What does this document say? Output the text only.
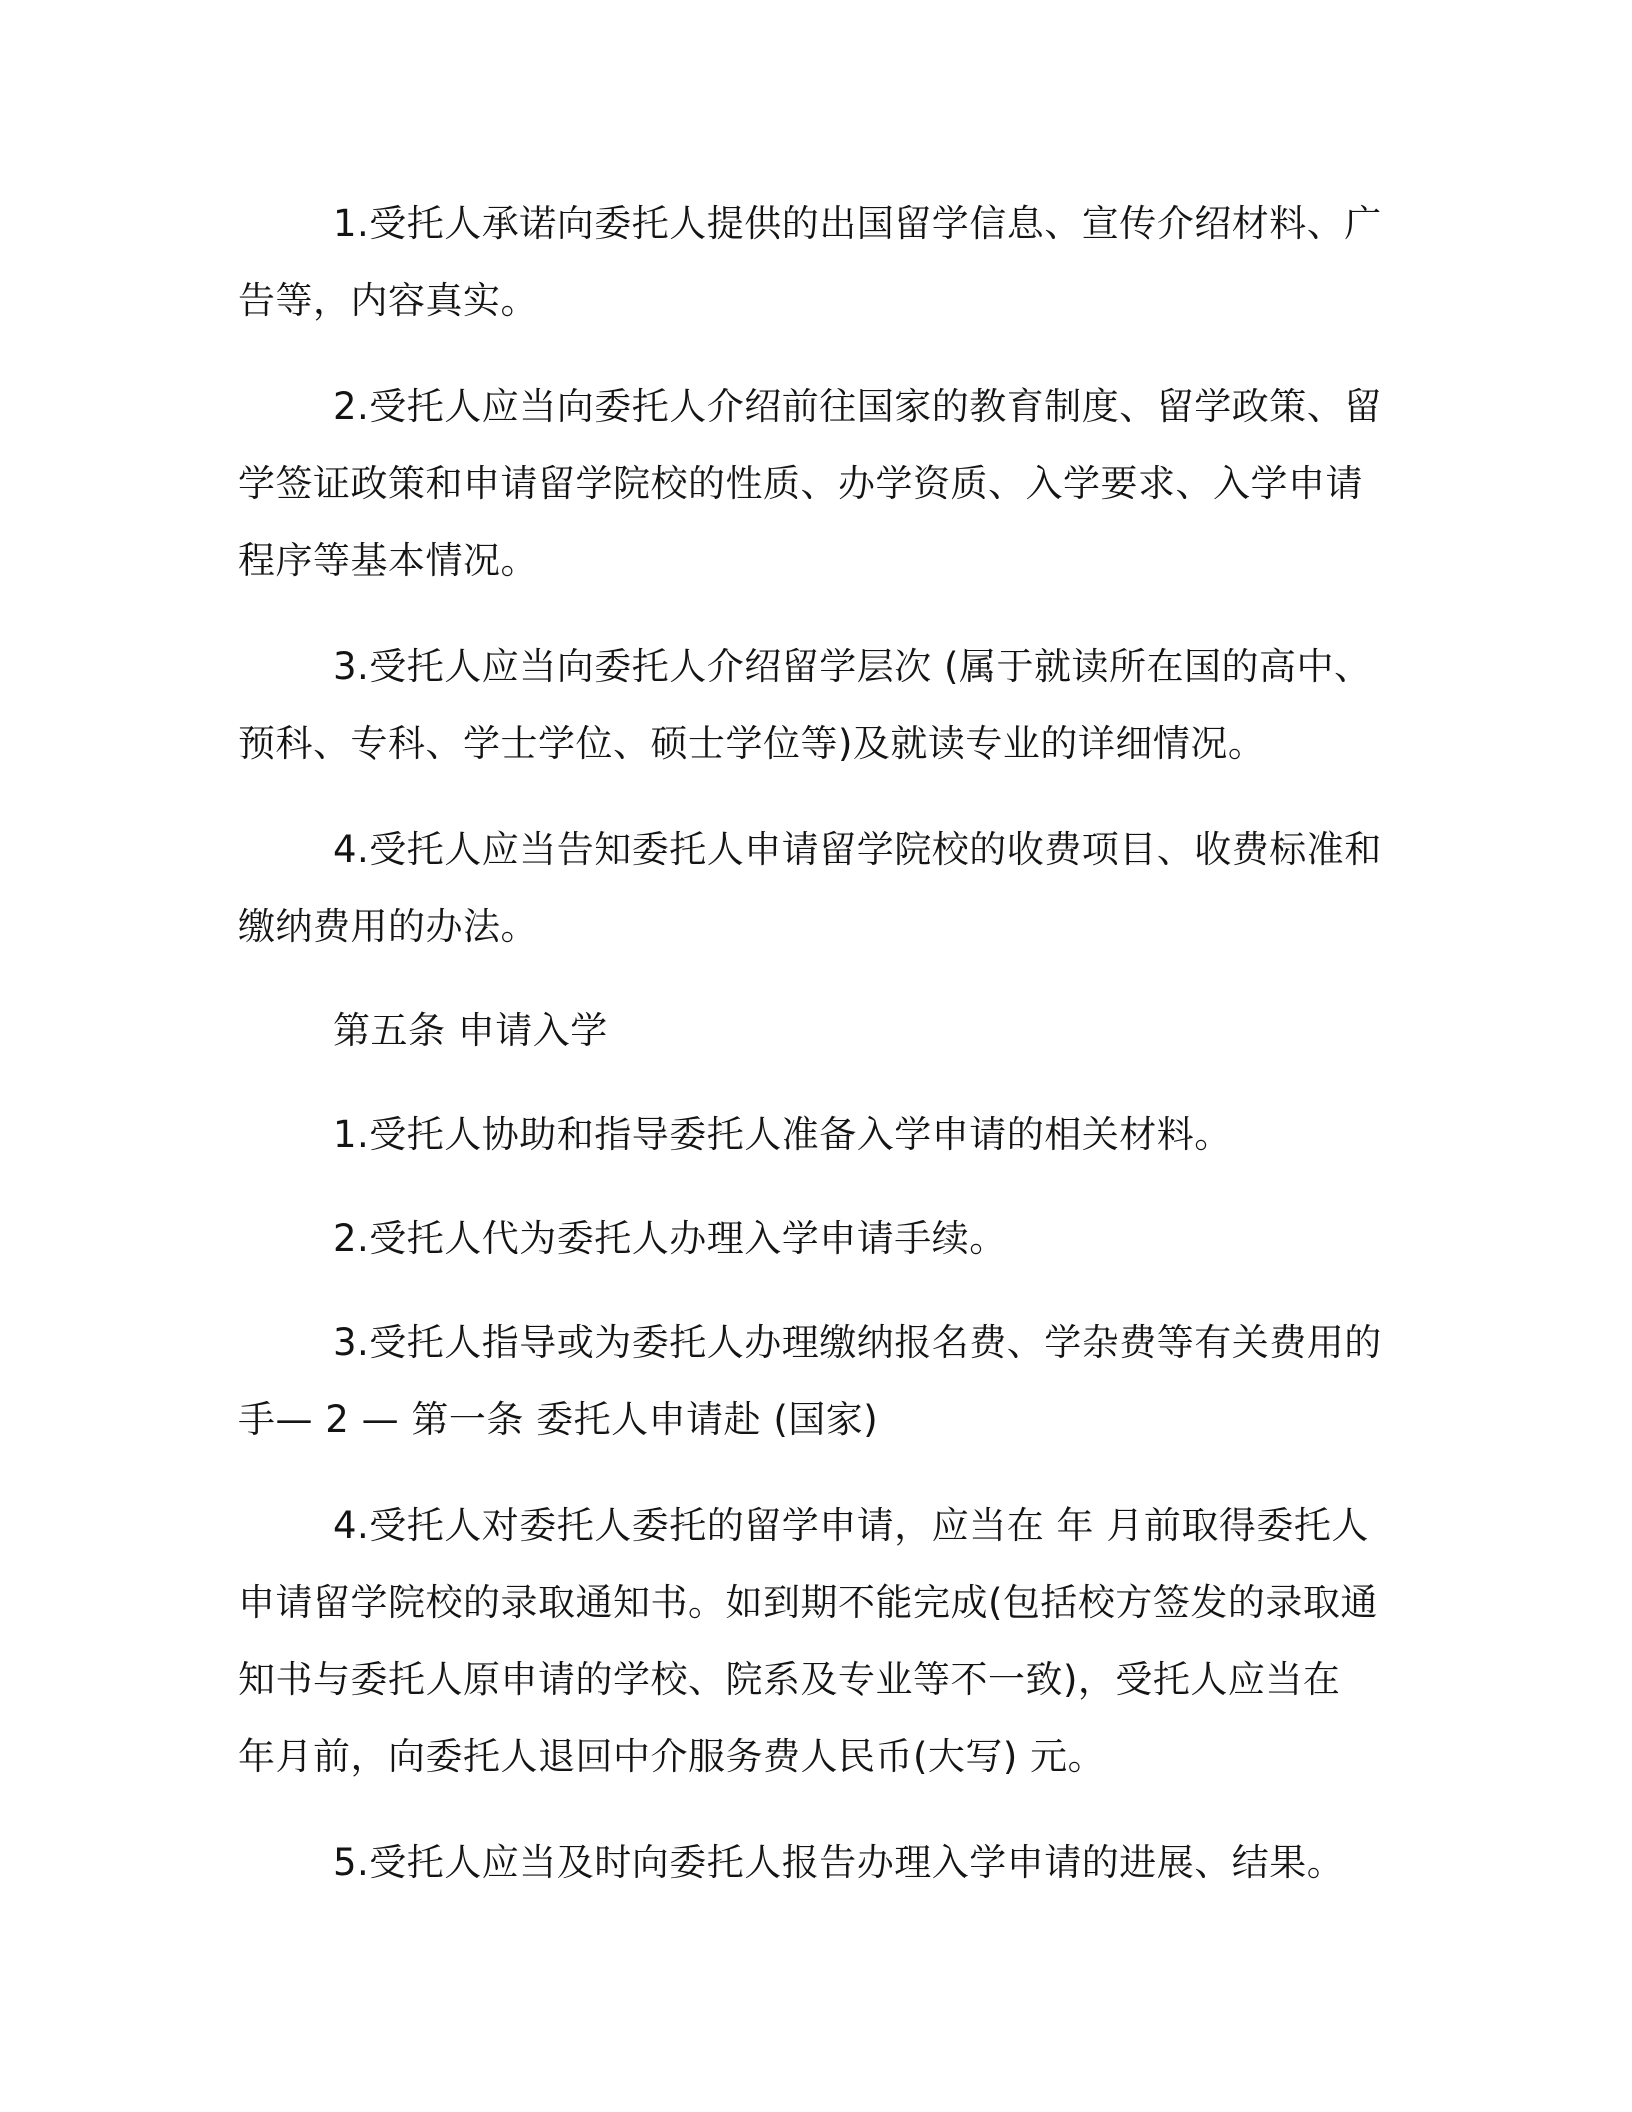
1.受托人承诺向委托人提供的出国留学信息、宣传介绍材料、广告等，内容真实。

2.受托人应当向委托人介绍前往国家的教育制度、留学政策、留学签证政策和申请留学院校的性质、办学资质、入学要求、入学申请程序等基本情况。

3.受托人应当向委托人介绍留学层次 (属于就读所在国的高中、预科、专科、学士学位、硕士学位等)及就读专业的详细情况。

4.受托人应当告知委托人申请留学院校的收费项目、收费标准和缴纳费用的办法。

第五条 申请入学

1.受托人协助和指导委托人准备入学申请的相关材料。

2.受托人代为委托人办理入学申请手续。

3.受托人指导或为委托人办理缴纳报名费、学杂费等有关费用的手— 2 — 第一条 委托人申请赴 (国家)

4.受托人对委托人委托的留学申请，应当在 年 月前取得委托人申请留学院校的录取通知书。如到期不能完成(包括校方签发的录取通知书与委托人原申请的学校、院系及专业等不一致)，受托人应当在 年月前，向委托人退回中介服务费人民币(大写) 元。

5.受托人应当及时向委托人报告办理入学申请的进展、结果。
